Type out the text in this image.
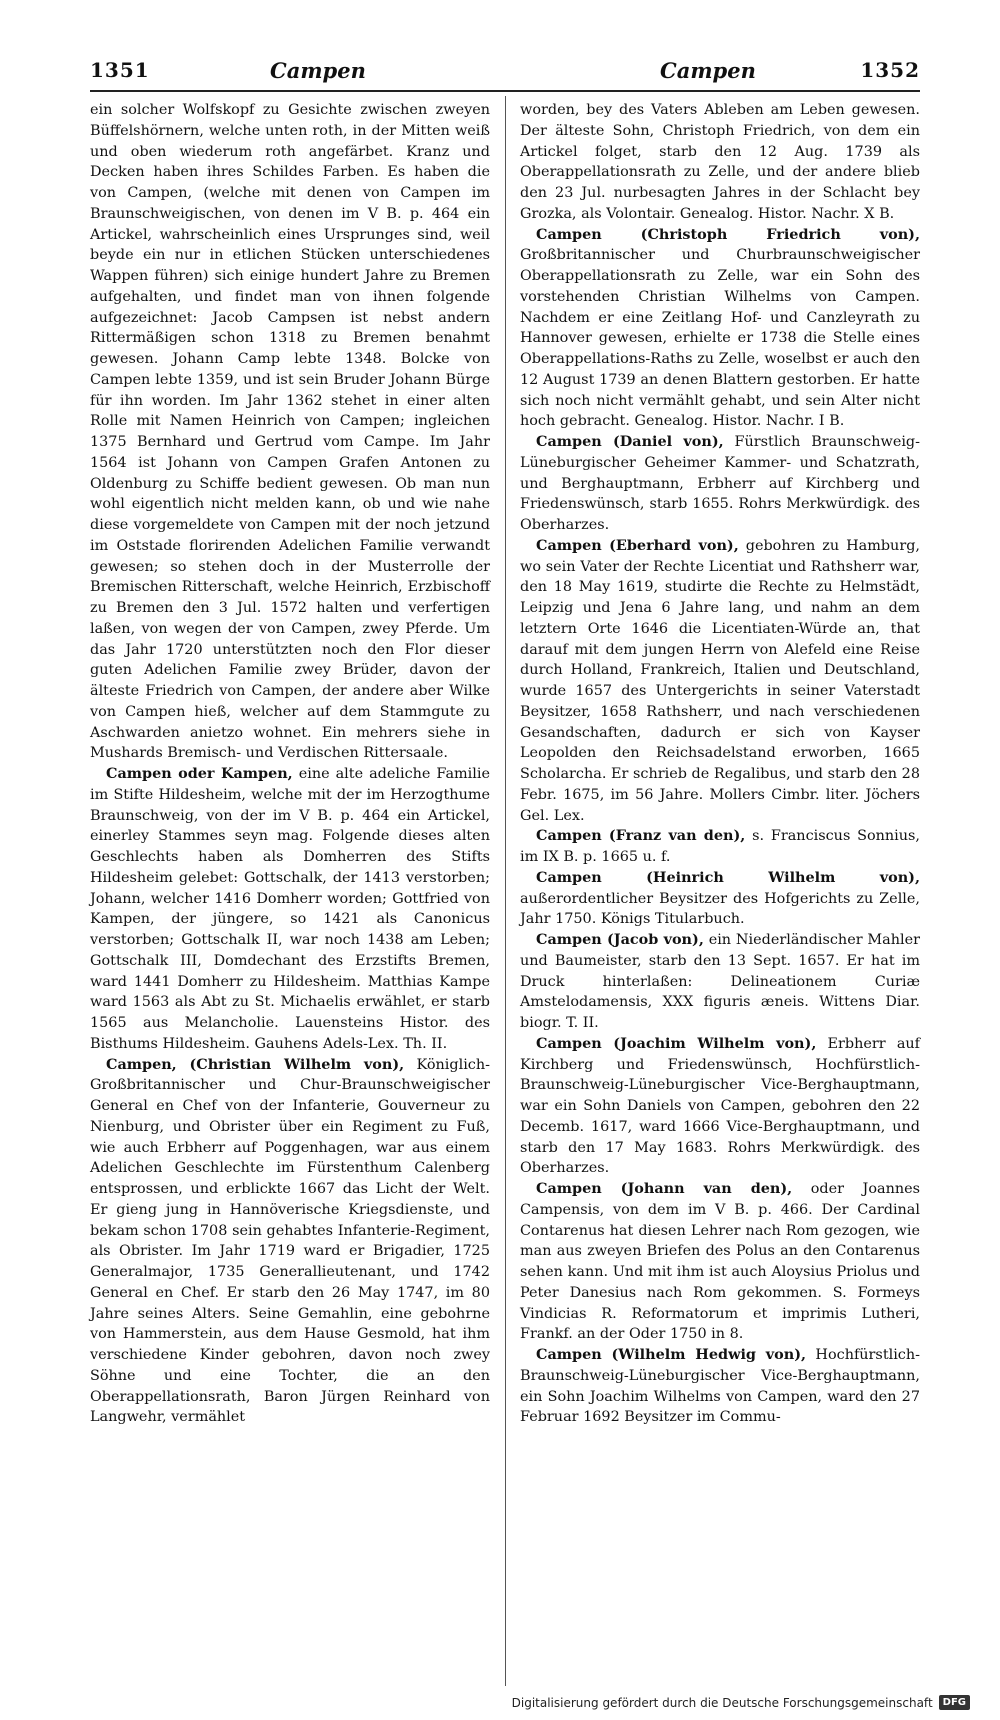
1351	Campen	Campen	1352

ein solcher Wolfskopf zu Gesichte zwischen zweyen Büffelshörnern, welche unten roth, in der Mitten weiß und oben wiederum roth angefärbet. Kranz und Decken haben ihres Schildes Farben. Es haben die von Campen, (welche mit denen von Campen im Braunschweigischen, von denen im V B. p. 464 ein Artickel, wahrscheinlich eines Ursprunges sind, weil beyde ein nur in etlichen Stücken unterschiedenes Wappen führen) sich einige hundert Jahre zu Bremen aufgehalten, und findet man von ihnen folgende aufgezeichnet: Jacob Campsen ist nebst andern Rittermäßigen schon 1318 zu Bremen benahmt gewesen. Johann Camp lebte 1348. Bolcke von Campen lebte 1359, und ist sein Bruder Johann Bürge für ihn worden. Im Jahr 1362 stehet in einer alten Rolle mit Namen Heinrich von Campen; ingleichen 1375 Bernhard und Gertrud vom Campe. Im Jahr 1564 ist Johann von Campen Grafen Antonen zu Oldenburg zu Schiffe bedient gewesen. Ob man nun wohl eigentlich nicht melden kann, ob und wie nahe diese vorgemeldete von Campen mit der noch jetzund im Oststade florirenden Adelichen Familie verwandt gewesen; so stehen doch in der Musterrolle der Bremischen Ritterschaft, welche Heinrich, Erzbischoff zu Bremen den 3 Jul. 1572 halten und verfertigen laßen, von wegen der von Campen, zwey Pferde. Um das Jahr 1720 unterstützten noch den Flor dieser guten Adelichen Familie zwey Brüder, davon der älteste Friedrich von Campen, der andere aber Wilke von Campen hieß, welcher auf dem Stammgute zu Aschwarden anietzo wohnet. Ein mehrers siehe in Mushards Bremisch- und Verdischen Rittersaale.

Campen oder Kampen, eine alte adeliche Familie im Stifte Hildesheim, welche mit der im Herzogthume Braunschweig, von der im V B. p. 464 ein Artickel, einerley Stammes seyn mag. Folgende dieses alten Geschlechts haben als Domherren des Stifts Hildesheim gelebet: Gottschalk, der 1413 verstorben; Johann, welcher 1416 Domherr worden; Gottfried von Kampen, der jüngere, so 1421 als Canonicus verstorben; Gottschalk II, war noch 1438 am Leben; Gottschalk III, Domdechant des Erzstifts Bremen, ward 1441 Domherr zu Hildesheim. Matthias Kampe ward 1563 als Abt zu St. Michaelis erwählet, er starb 1565 aus Melancholie. Lauensteins Histor. des Bisthums Hildesheim. Gauhens Adels-Lex. Th. II.

Campen, (Christian Wilhelm von), Königlich-Großbritannischer und Chur-Braunschweigischer General en Chef von der Infanterie, Gouverneur zu Nienburg, und Obrister über ein Regiment zu Fuß, wie auch Erbherr auf Poggenhagen, war aus einem Adelichen Geschlechte im Fürstenthum Calenberg entsprossen, und erblickte 1667 das Licht der Welt. Er gieng jung in Hannöverische Kriegsdienste, und bekam schon 1708 sein gehabtes Infanterie-Regiment, als Obrister. Im Jahr 1719 ward er Brigadier, 1725 Generalmajor, 1735 Generallieutenant, und 1742 General en Chef. Er starb den 26 May 1747, im 80 Jahre seines Alters. Seine Gemahlin, eine gebohrne von Hammerstein, aus dem Hause Gesmold, hat ihm verschiedene Kinder gebohren, davon noch zwey Söhne und eine Tochter, die an den Oberappellationsrath, Baron Jürgen Reinhard von Langwehr, vermählet

worden, bey des Vaters Ableben am Leben gewesen. Der älteste Sohn, Christoph Friedrich, von dem ein Artickel folget, starb den 12 Aug. 1739 als Oberappellationsrath zu Zelle, und der andere blieb den 23 Jul. nurbesagten Jahres in der Schlacht bey Grozka, als Volontair. Genealog. Histor. Nachr. X B.

Campen (Christoph Friedrich von), Großbritannischer und Churbraunschweigischer Oberappellationsrath zu Zelle, war ein Sohn des vorstehenden Christian Wilhelms von Campen. Nachdem er eine Zeitlang Hof- und Canzleyrath zu Hannover gewesen, erhielte er 1738 die Stelle eines Oberappellations-Raths zu Zelle, woselbst er auch den 12 August 1739 an denen Blattern gestorben. Er hatte sich noch nicht vermählt gehabt, und sein Alter nicht hoch gebracht. Genealog. Histor. Nachr. I B.

Campen (Daniel von), Fürstlich Braunschweig-Lüneburgischer Geheimer Kammer- und Schatzrath, und Berghauptmann, Erbherr auf Kirchberg und Friedenswünsch, starb 1655. Rohrs Merkwürdigk. des Oberharzes.

Campen (Eberhard von), gebohren zu Hamburg, wo sein Vater der Rechte Licentiat und Rathsherr war, den 18 May 1619, studirte die Rechte zu Helmstädt, Leipzig und Jena 6 Jahre lang, und nahm an dem letztern Orte 1646 die Licentiaten-Würde an, that darauf mit dem jungen Herrn von Alefeld eine Reise durch Holland, Frankreich, Italien und Deutschland, wurde 1657 des Untergerichts in seiner Vaterstadt Beysitzer, 1658 Rathsherr, und nach verschiedenen Gesandschaften, dadurch er sich von Kayser Leopolden den Reichsadelstand erworben, 1665 Scholarcha. Er schrieb de Regalibus, und starb den 28 Febr. 1675, im 56 Jahre. Mollers Cimbr. liter. Jöchers Gel. Lex.

Campen (Franz van den), s. Franciscus Sonnius, im IX B. p. 1665 u. f.

Campen (Heinrich Wilhelm von), außerordentlicher Beysitzer des Hofgerichts zu Zelle, Jahr 1750. Königs Titularbuch.

Campen (Jacob von), ein Niederländischer Mahler und Baumeister, starb den 13 Sept. 1657. Er hat im Druck hinterlaßen: Delineationem Curiæ Amstelodamensis, XXX figuris æneis. Wittens Diar. biogr. T. II.

Campen (Joachim Wilhelm von), Erbherr auf Kirchberg und Friedenswünsch, Hochfürstlich-Braunschweig-Lüneburgischer Vice-Berghauptmann, war ein Sohn Daniels von Campen, gebohren den 22 Decemb. 1617, ward 1666 Vice-Berghauptmann, und starb den 17 May 1683. Rohrs Merkwürdigk. des Oberharzes.

Campen (Johann van den), oder Joannes Campensis, von dem im V B. p. 466. Der Cardinal Contarenus hat diesen Lehrer nach Rom gezogen, wie man aus zweyen Briefen des Polus an den Contarenus sehen kann. Und mit ihm ist auch Aloysius Priolus und Peter Danesius nach Rom gekommen. S. Formeys Vindicias R. Reformatorum et imprimis Lutheri, Frankf. an der Oder 1750 in 8.

Campen (Wilhelm Hedwig von), Hochfürstlich-Braunschweig-Lüneburgischer Vice-Berghauptmann, ein Sohn Joachim Wilhelms von Campen, ward den 27 Februar 1692 Beysitzer im Commu-

Digitalisierung gefördert durch die Deutsche Forschungsgemeinschaft	DFG
